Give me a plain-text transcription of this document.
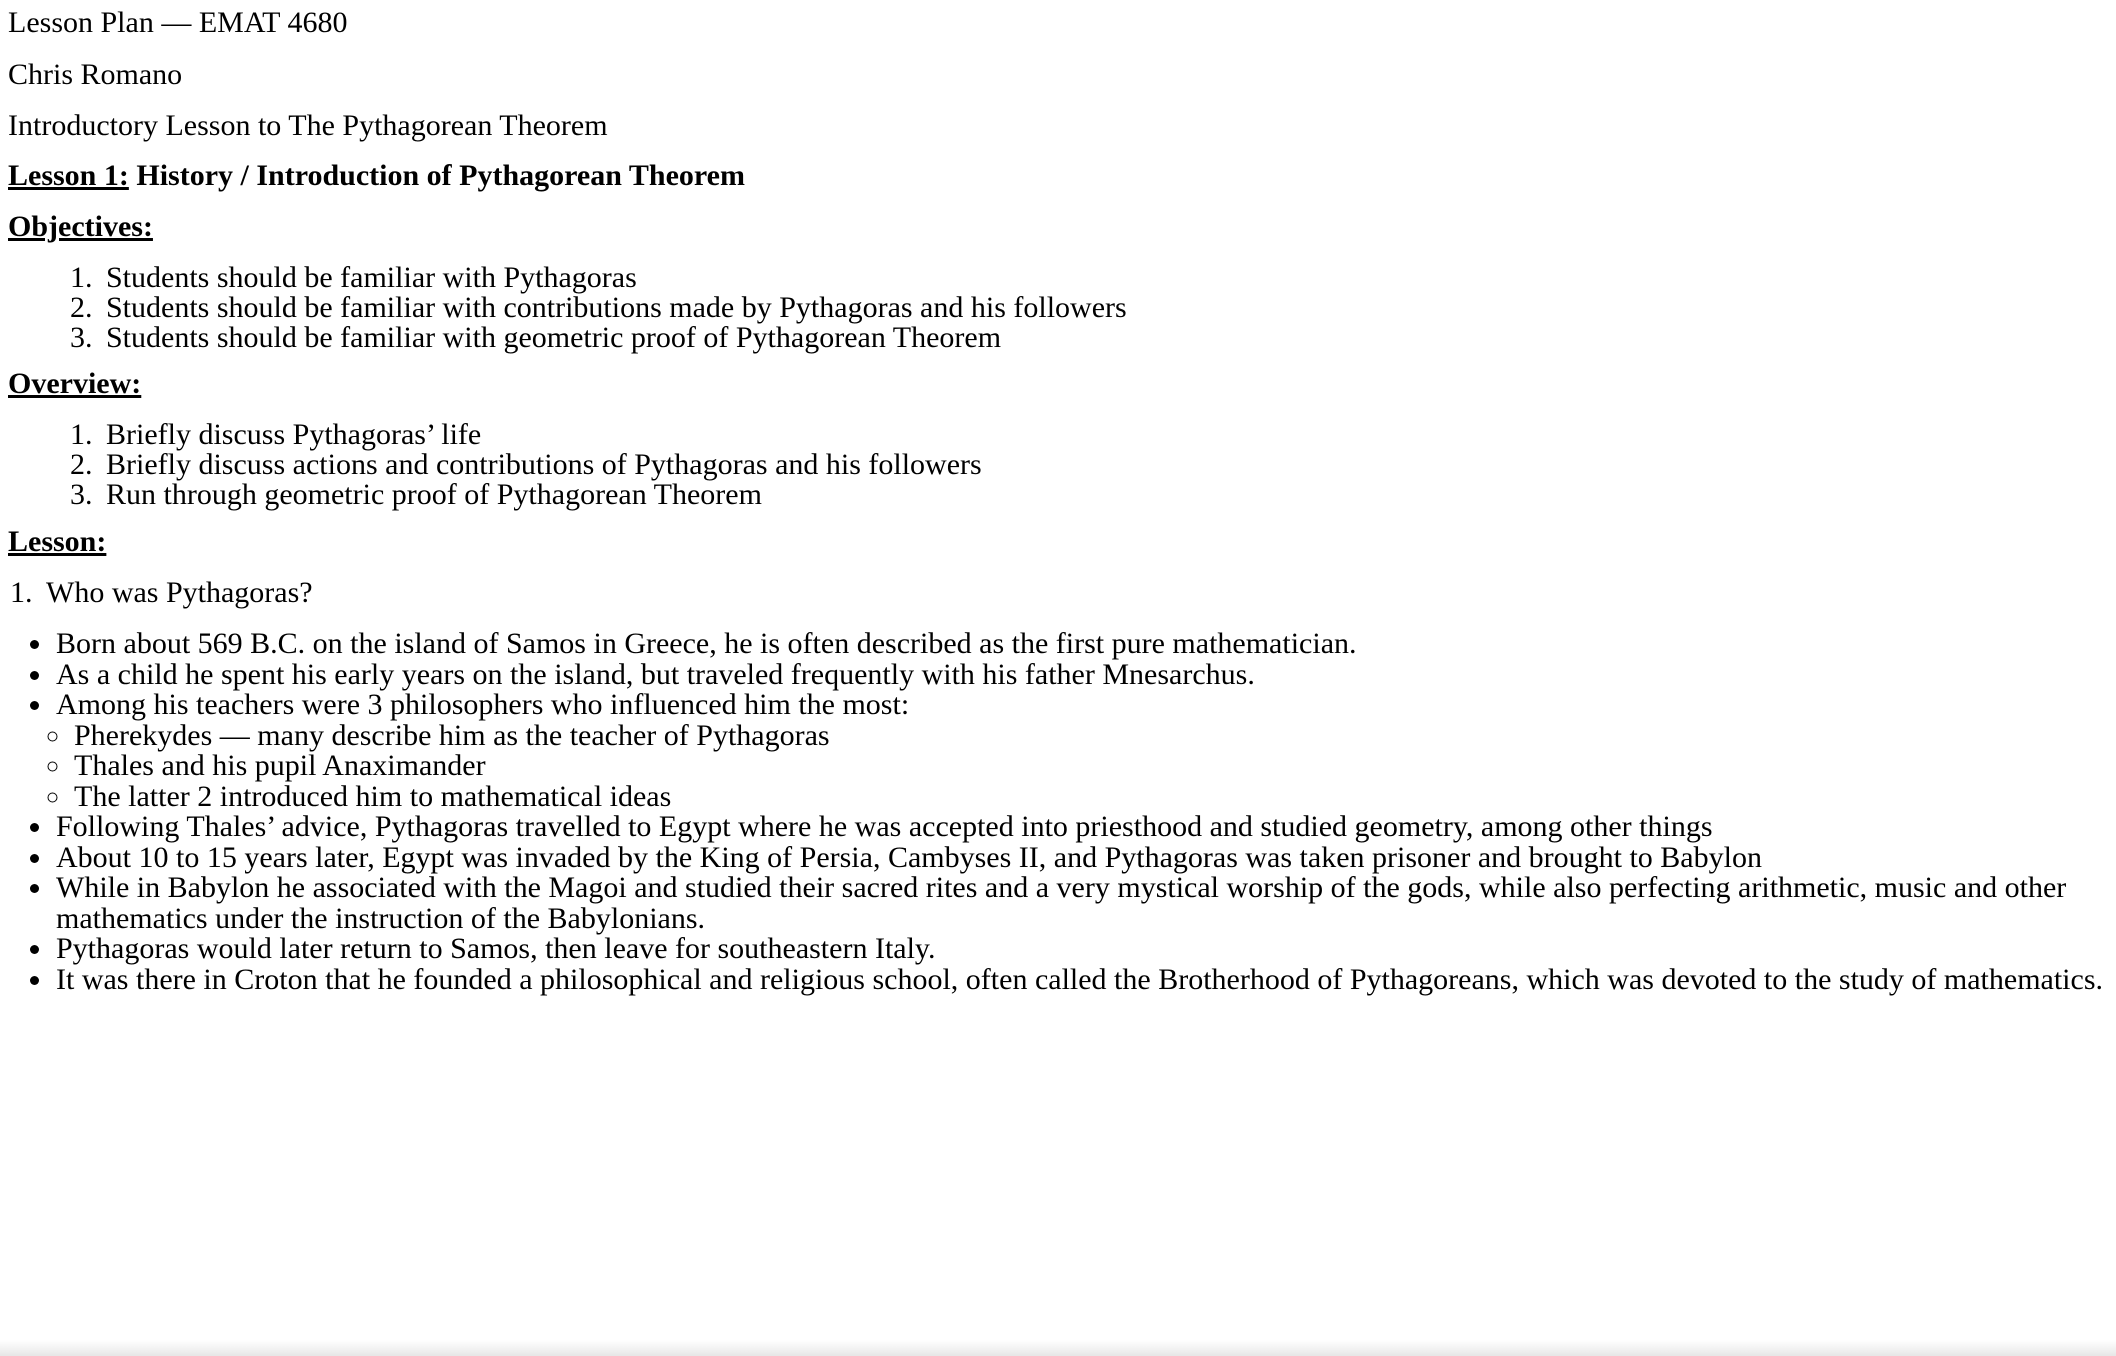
Lesson Plan — EMAT 4680

Chris Romano

Introductory Lesson to The Pythagorean Theorem

Lesson 1: History / Introduction of Pythagorean Theorem

Objectives:

1. Students should be familiar with Pythagoras
2. Students should be familiar with contributions made by Pythagoras and his followers
3. Students should be familiar with geometric proof of Pythagorean Theorem

Overview:

1. Briefly discuss Pythagoras’ life
2. Briefly discuss actions and contributions of Pythagoras and his followers
3. Run through geometric proof of Pythagorean Theorem

Lesson:

1. Who was Pythagoras?
• Born about 569 B.C. on the island of Samos in Greece, he is often described as the first pure mathematician.
• As a child he spent his early years on the island, but traveled frequently with his father Mnesarchus.
• Among his teachers were 3 philosophers who influenced him the most:
◦ Pherekydes — many describe him as the teacher of Pythagoras
◦ Thales and his pupil Anaximander
◦ The latter 2 introduced him to mathematical ideas
• Following Thales’ advice, Pythagoras travelled to Egypt where he was accepted into priesthood and studied geometry, among other things
• About 10 to 15 years later, Egypt was invaded by the King of Persia, Cambyses II, and Pythagoras was taken prisoner and brought to Babylon
• While in Babylon he associated with the Magoi and studied their sacred rites and a very mystical worship of the gods, while also perfecting arithmetic, music and other mathematics under the instruction of the Babylonians.
• Pythagoras would later return to Samos, then leave for southeastern Italy.
• It was there in Croton that he founded a philosophical and religious school, often called the Brotherhood of Pythagoreans, which was devoted to the study of mathematics.
